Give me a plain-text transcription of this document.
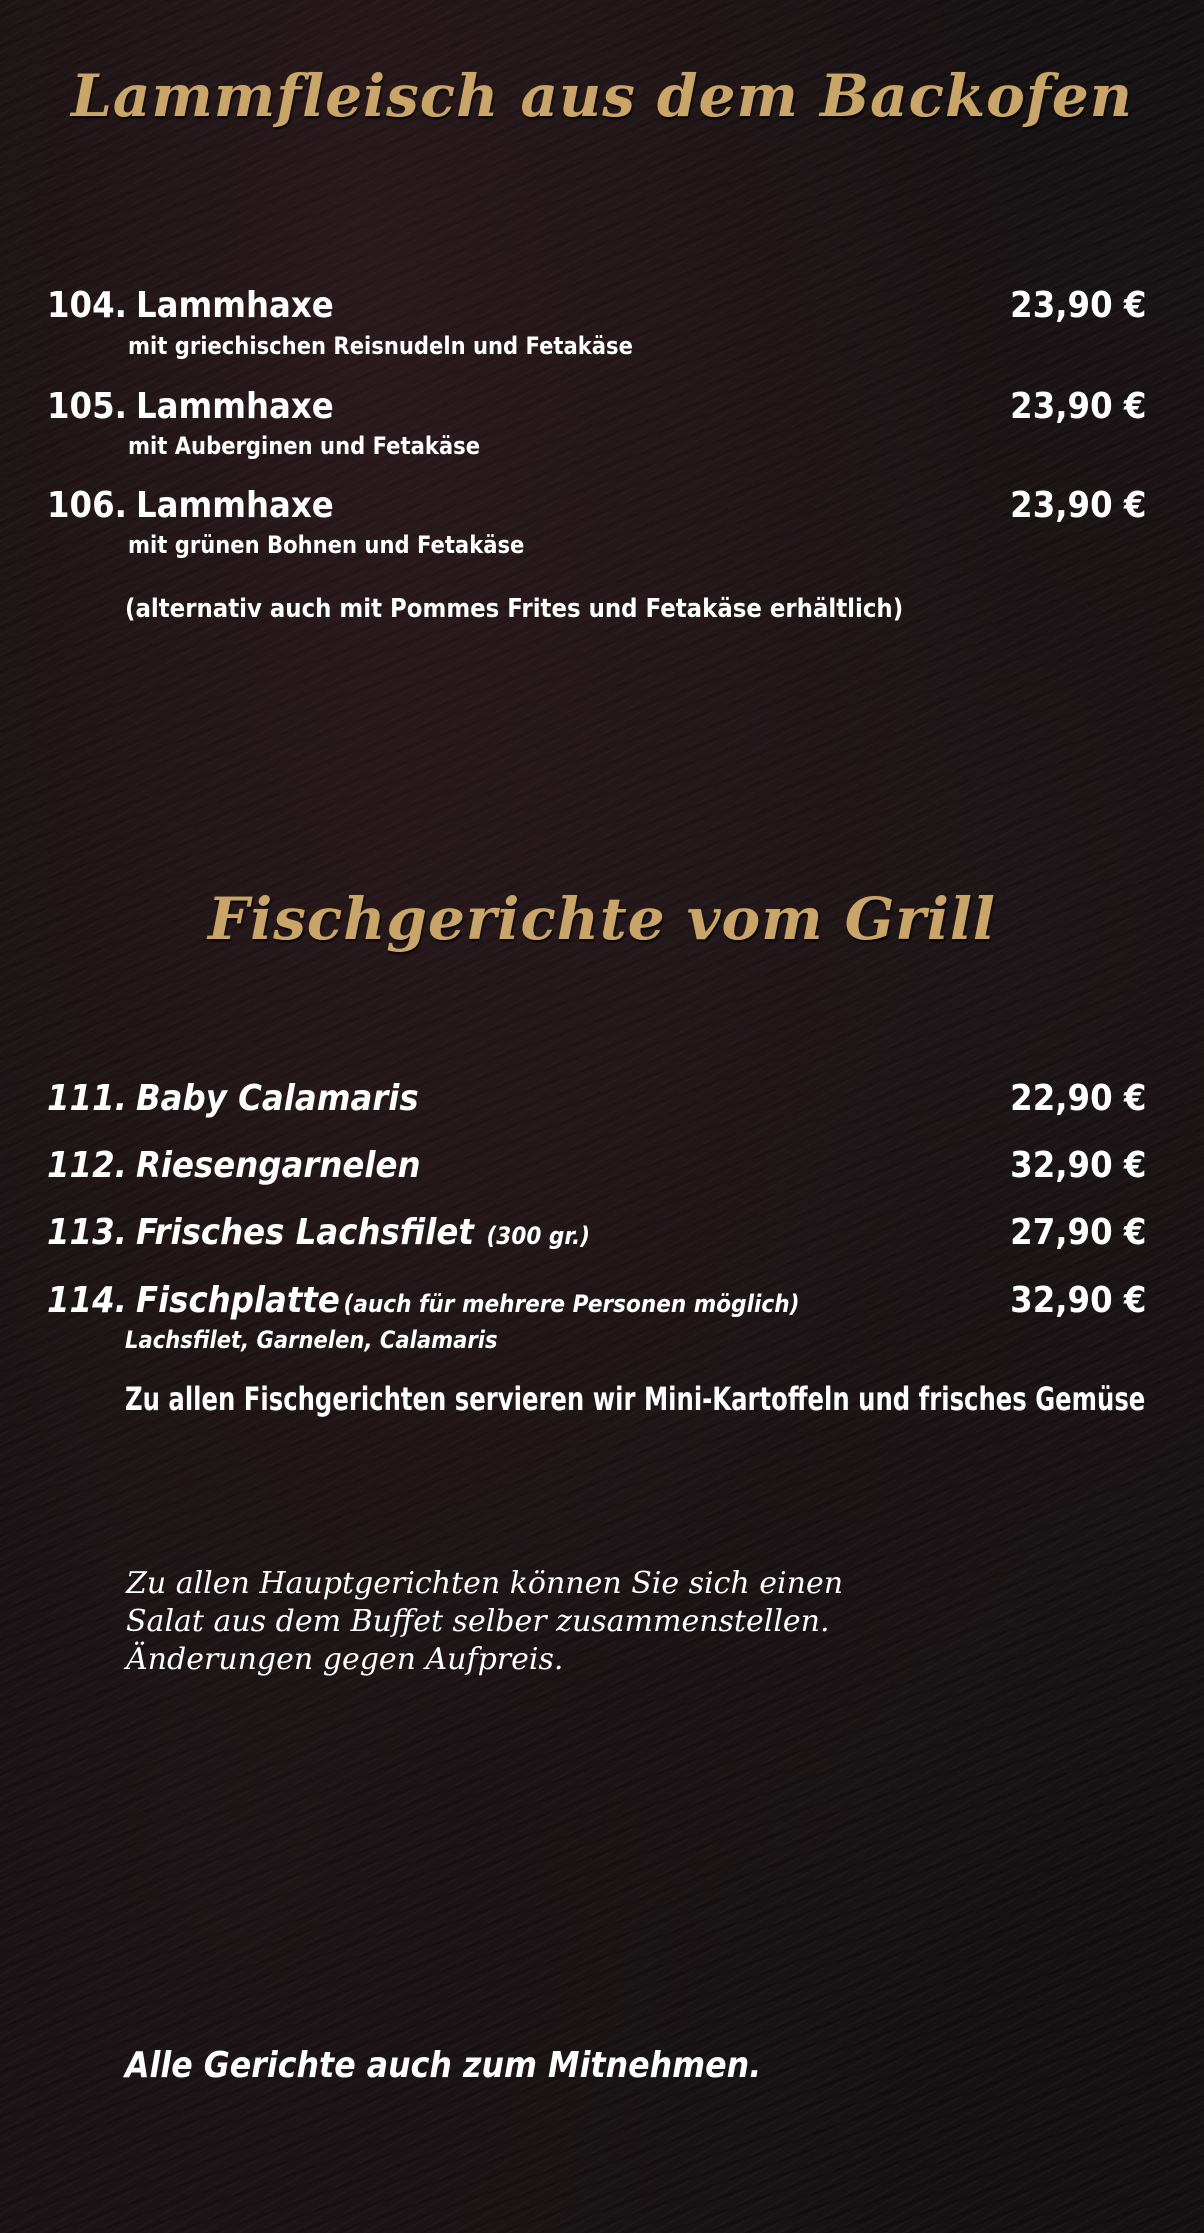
Lammfleisch aus dem Backofen
104. Lammhaxe	23,90 €
mit griechischen Reisnudeln und Fetakäse
105. Lammhaxe	23,90 €
mit Auberginen und Fetakäse
106. Lammhaxe	23,90 €
mit grünen Bohnen und Fetakäse
(alternativ auch mit Pommes Frites und Fetakäse erhältlich)
Fischgerichte vom Grill
111. Baby Calamaris	22,90 €
112. Riesengarnelen	32,90 €
113. Frisches Lachsfilet (300 gr.)	27,90 €
114. Fischplatte (auch für mehrere Personen möglich)	32,90 €
Lachsfilet, Garnelen, Calamaris
Zu allen Fischgerichten servieren wir Mini-Kartoffeln und frisches Gemüse
Zu allen Hauptgerichten können Sie sich einen
Salat aus dem Buffet selber zusammenstellen.
Änderungen gegen Aufpreis.
Alle Gerichte auch zum Mitnehmen.
